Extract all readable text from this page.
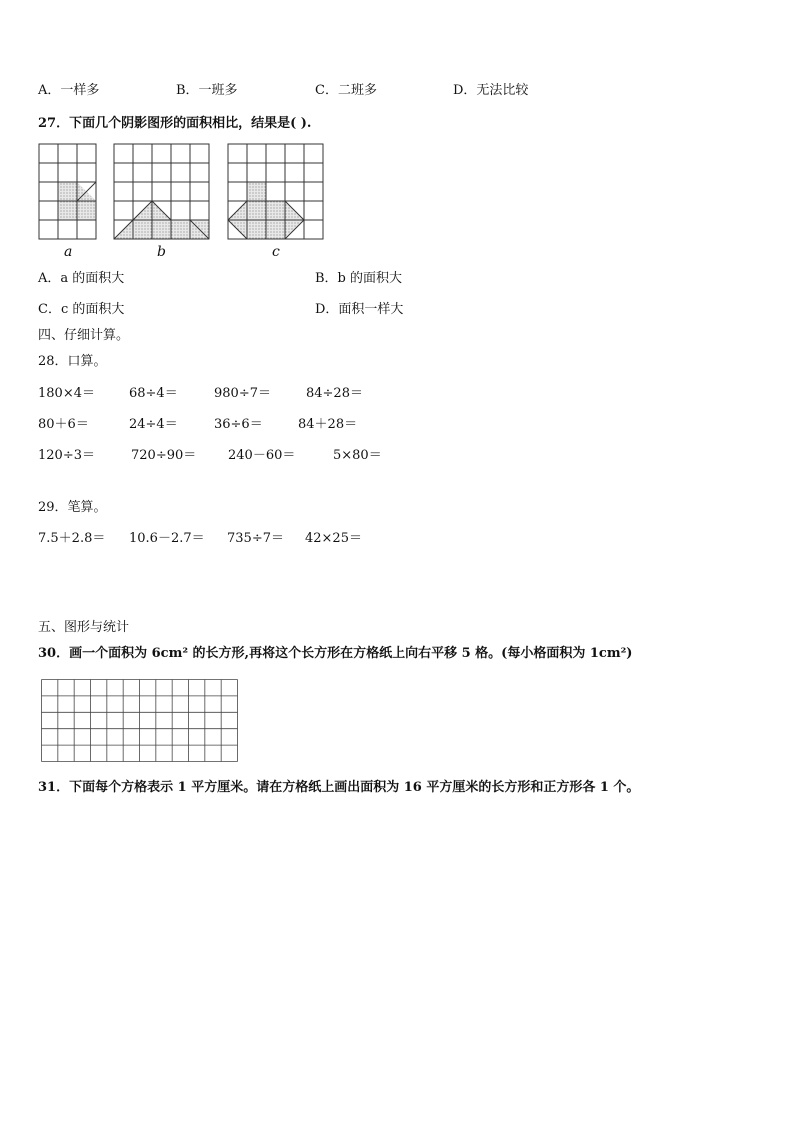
A．一样多	B．一班多	C．二班多	D．无法比较
27．下面几个阴影图形的面积相比，结果是( ).
a	b	c
A．a 的面积大	B．b 的面积大
C．c 的面积大	D．面积一样大
四、仔细计算。
28．口算。
180×4＝	68÷4＝	980÷7＝	84÷28＝
80＋6＝	24÷4＝	36÷6＝	84＋28＝
120÷3＝	720÷90＝ 240－60＝	5×80＝
29．笔算。
7.5＋2.8＝ 10.6－2.7＝ 735÷7＝ 42×25＝
五、图形与统计
30．画一个面积为 6cm² 的长方形,再将这个长方形在方格纸上向右平移 5 格。(每小格面积为 1cm²)
31．下面每个方格表示 1 平方厘米。请在方格纸上画出面积为 16 平方厘米的长方形和正方形各 1 个。
